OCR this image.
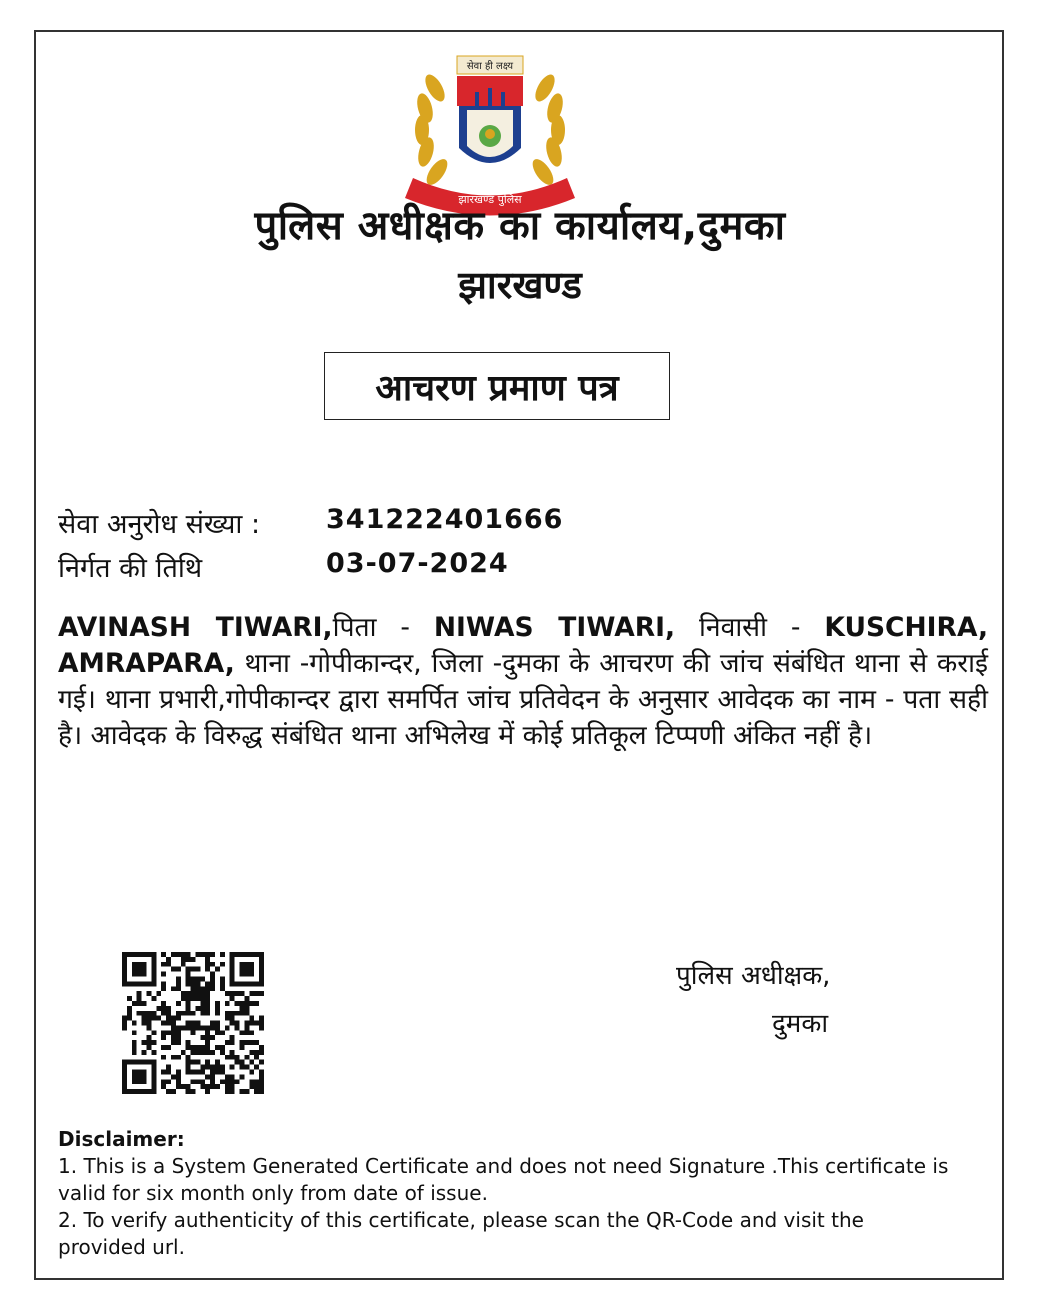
सेवा ही लक्ष्य
झारखण्ड पुलिस
पुलिस अधीक्षक का कार्यालय,दुमका
झारखण्ड
आचरण प्रमाण पत्र
सेवा अनुरोध संख्या : 341222401666
निर्गत की तिथि	03-07-2024
AVINASH TIWARI,पिता - NIWAS TIWARI, निवासी - KUSCHIRA, AMRAPARA, थाना -गोपीकान्दर, जिला -दुमका के आचरण की जांच संबंधित थाना से कराई गई। थाना प्रभारी,गोपीकान्दर द्वारा समर्पित जांच प्रतिवेदन के अनुसार आवेदक का नाम - पता सही है। आवेदक के विरुद्ध संबंधित थाना अभिलेख में कोई प्रतिकूल टिप्पणी अंकित नहीं है।
पुलिस अधीक्षक,
दुमका
Disclaimer:
1. This is a System Generated Certificate and does not need Signature .This certificate is valid for six month only from date of issue.
2. To verify authenticity of this certificate, please scan the QR-Code and visit the provided url.
